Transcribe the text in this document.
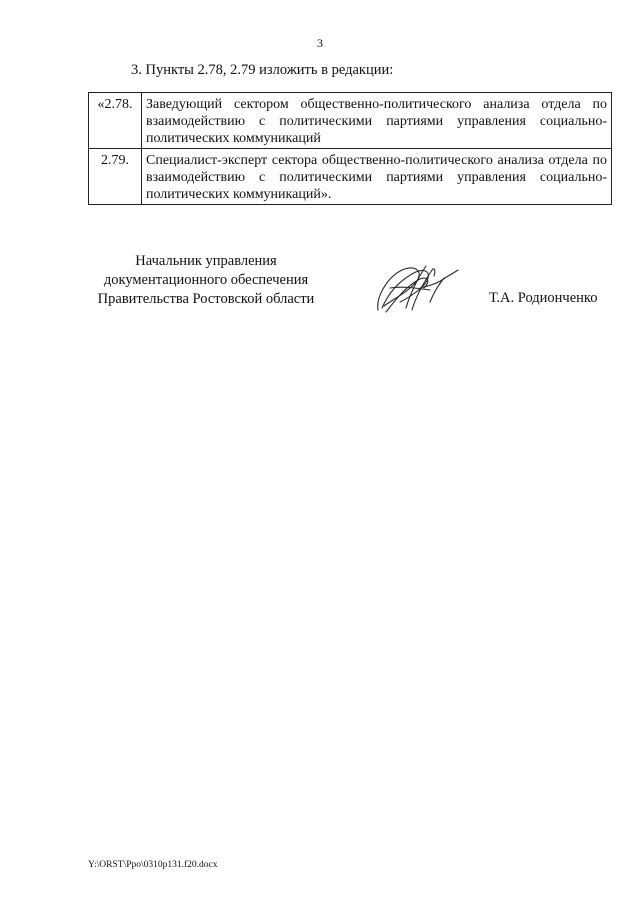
3
3. Пункты 2.78, 2.79 изложить в редакции:
«2.78.	Заведующий сектором общественно-политического анализа отдела по взаимодействию с политическими партиями управления социально-политических коммуникаций
2.79.	Специалист-эксперт сектора общественно-политического анализа отдела по взаимодействию с политическими партиями управления социально-политических коммуникаций».
Начальник управления
документационного обеспечения
Правительства Ростовской области	Т.А. Родионченко
Y:\ORST\Ppo\0310p131.f20.docx
